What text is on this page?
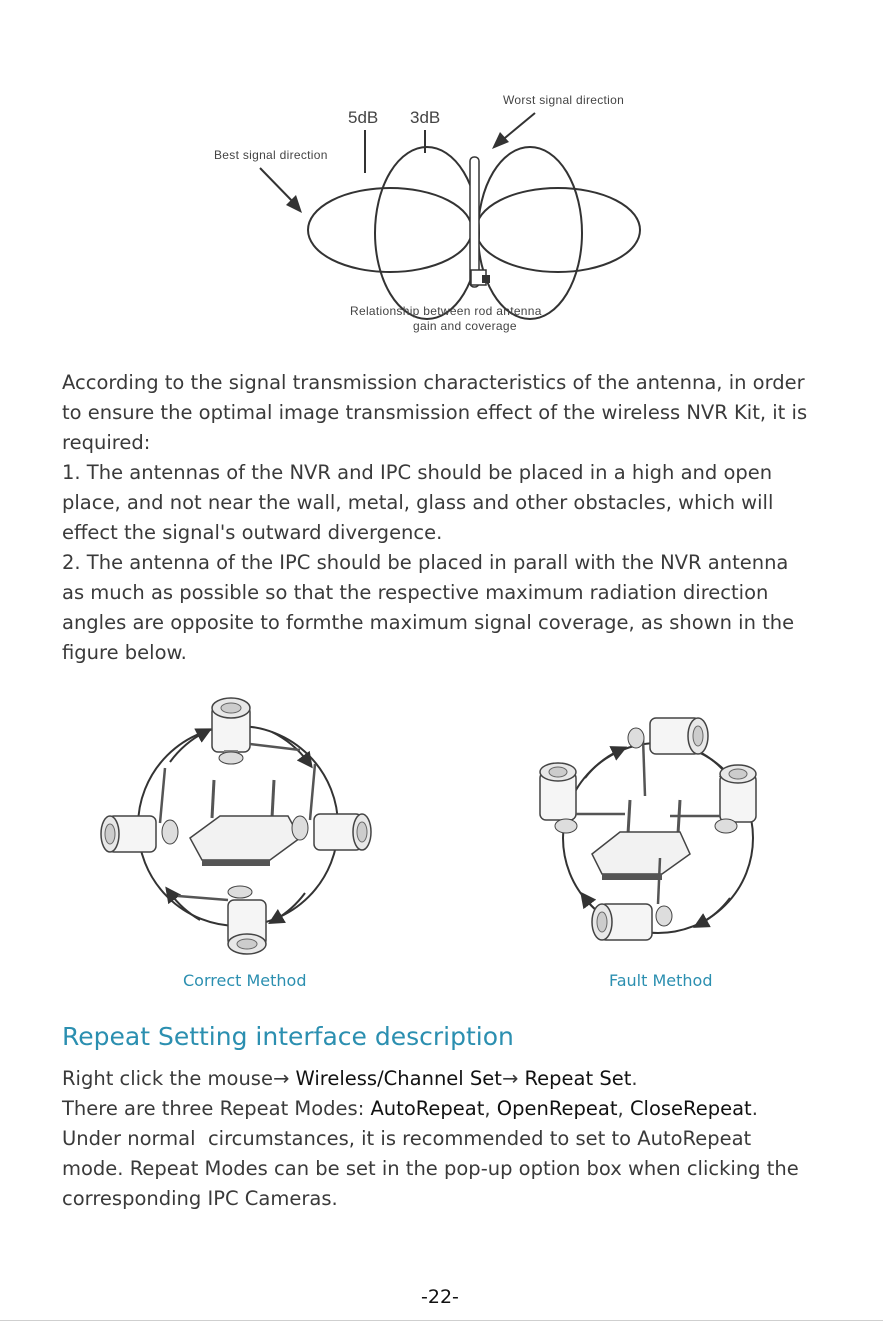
5dB 3dB
Best signal direction
Worst signal direction
Relationship between rod antenna
gain and coverage

According to the signal transmission characteristics of the antenna, in order

to ensure the optimal image transmission effect of the wireless NVR Kit, it is

required:

1. The antennas of the NVR and IPC should be placed in a high and open

place, and not near the wall, metal, glass and other obstacles, which will

effect the signal's outward divergence.

2. The antenna of the IPC should be placed in parall with the NVR antenna

as much as possible so that the respective maximum radiation direction

angles are opposite to formthe maximum signal coverage, as shown in the

figure below.

Correct Method	Fault Method
Repeat Setting interface description

Right click the mouse→ Wireless/Channel Set→ Repeat Set.

There are three Repeat Modes: AutoRepeat, OpenRepeat, CloseRepeat.

Under normal  circumstances, it is recommended to set to AutoRepeat

mode. Repeat Modes can be set in the pop-up option box when clicking the

corresponding IPC Cameras.

-22-
